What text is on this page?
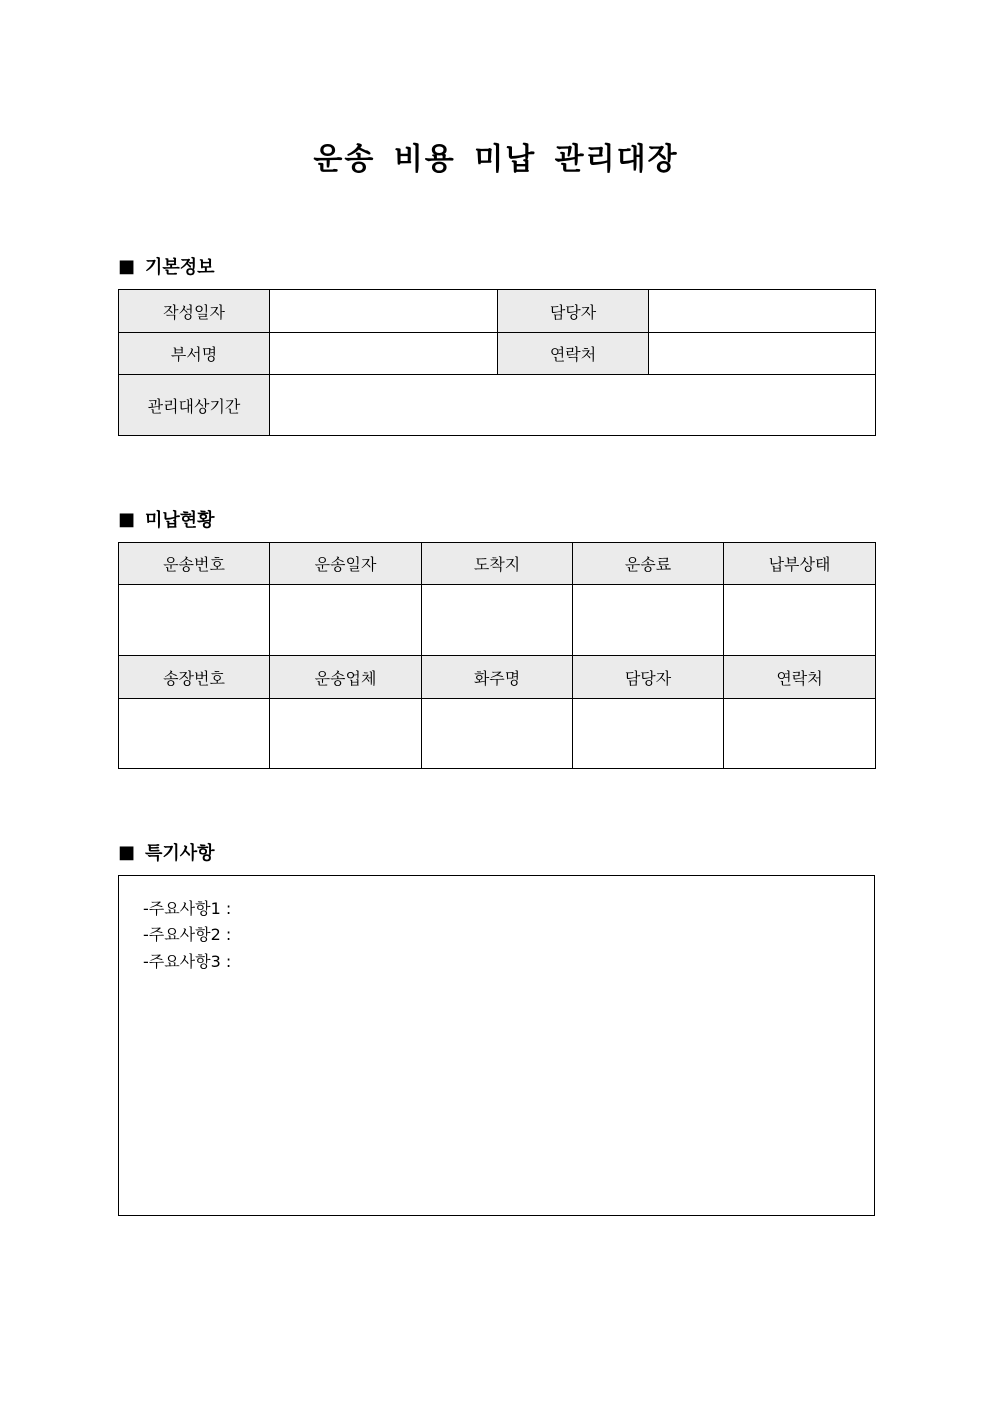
운송 비용 미납 관리대장
■ 기본정보
작성일자		담당자	
부서명		연락처	
관리대상기간			
■ 미납현황
운송번호	운송일자	도착지	운송료	납부상태

송장번호	운송업체	화주명	담당자	연락처

■ 특기사항
-주요사항1 :
-주요사항2 :
-주요사항3 :
